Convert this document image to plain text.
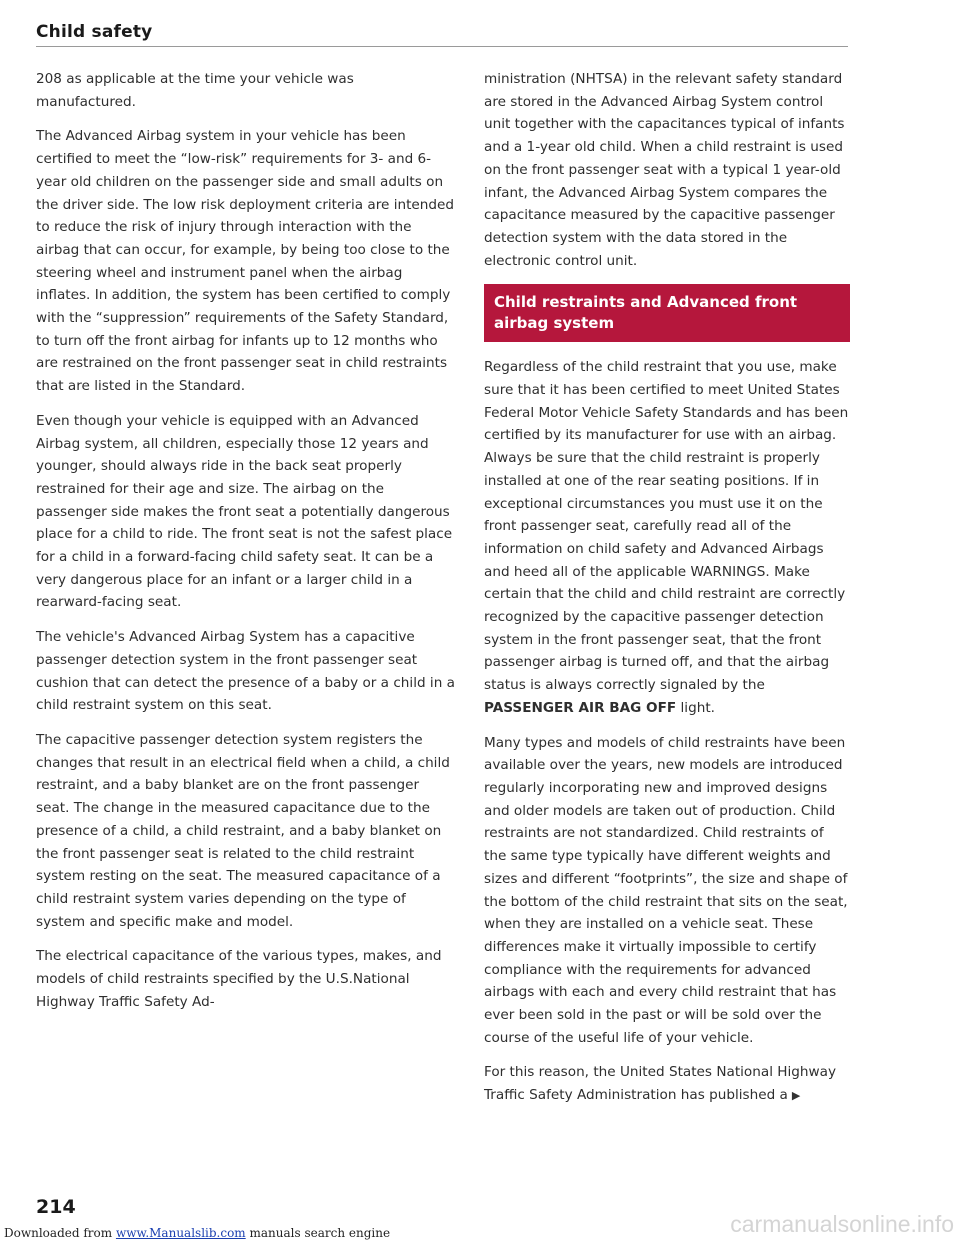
Child safety

208 as applicable at the time your vehicle was manufactured.

The Advanced Airbag system in your vehicle has been certified to meet the “low-risk” requirements for 3- and 6-year old children on the passenger side and small adults on the driver side. The low risk deployment criteria are intended to reduce the risk of injury through interaction with the airbag that can occur, for example, by being too close to the steering wheel and instrument panel when the airbag inflates. In addition, the system has been certified to comply with the “suppression” requirements of the Safety Standard, to turn off the front airbag for infants up to 12 months who are restrained on the front passenger seat in child restraints that are listed in the Standard.

Even though your vehicle is equipped with an Advanced Airbag system, all children, especially those 12 years and younger, should always ride in the back seat properly restrained for their age and size. The airbag on the passenger side makes the front seat a potentially dangerous place for a child to ride. The front seat is not the safest place for a child in a forward-facing child safety seat. It can be a very dangerous place for an infant or a larger child in a rearward-facing seat.

The vehicle's Advanced Airbag System has a capacitive passenger detection system in the front passenger seat cushion that can detect the presence of a baby or a child in a child restraint system on this seat.

The capacitive passenger detection system registers the changes that result in an electrical field when a child, a child restraint, and a baby blanket are on the front passenger seat. The change in the measured capacitance due to the presence of a child, a child restraint, and a baby blanket on the front passenger seat is related to the child restraint system resting on the seat. The measured capacitance of a child restraint system varies depending on the type of system and specific make and model.

The electrical capacitance of the various types, makes, and models of child restraints specified by the U.S.National Highway Traffic Safety Ad-

ministration (NHTSA) in the relevant safety standard are stored in the Advanced Airbag System control unit together with the capacitances typical of infants and a 1-year old child. When a child restraint is used on the front passenger seat with a typical 1 year-old infant, the Advanced Airbag System compares the capacitance measured by the capacitive passenger detection system with the data stored in the electronic control unit.

Child restraints and Advanced front airbag system

Regardless of the child restraint that you use, make sure that it has been certified to meet United States Federal Motor Vehicle Safety Standards and has been certified by its manufacturer for use with an airbag. Always be sure that the child restraint is properly installed at one of the rear seating positions. If in exceptional circumstances you must use it on the front passenger seat, carefully read all of the information on child safety and Advanced Airbags and heed all of the applicable WARNINGS. Make certain that the child and child restraint are correctly recognized by the capacitive passenger detection system in the front passenger seat, that the front passenger airbag is turned off, and that the airbag status is always correctly signaled by the PASSENGER AIR BAG OFF light.

Many types and models of child restraints have been available over the years, new models are introduced regularly incorporating new and improved designs and older models are taken out of production. Child restraints are not standardized. Child restraints of the same type typically have different weights and sizes and different “footprints”, the size and shape of the bottom of the child restraint that sits on the seat, when they are installed on a vehicle seat. These differences make it virtually impossible to certify compliance with the requirements for advanced airbags with each and every child restraint that has ever been sold in the past or will be sold over the course of the useful life of your vehicle.

For this reason, the United States National Highway Traffic Safety Administration has published a ▶

214
Downloaded from www.Manualslib.com manuals search engine	carmanualsonline.info
